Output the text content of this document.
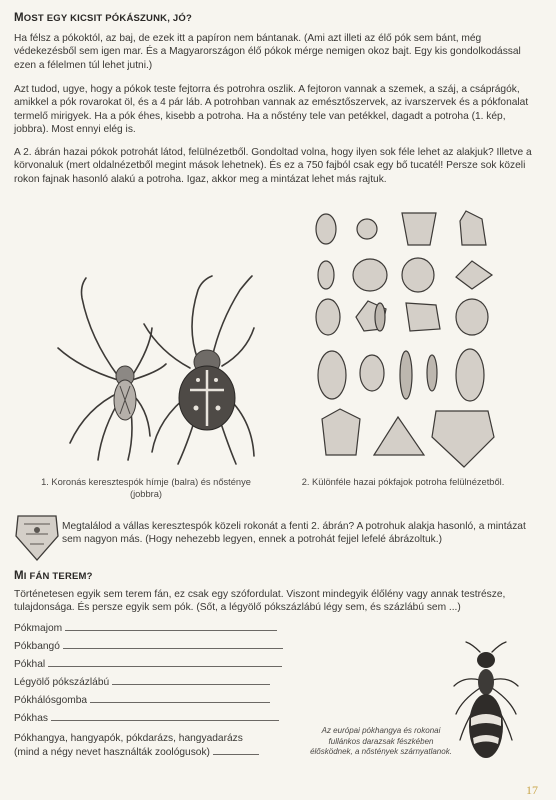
MOST EGY KICSIT PÓKÁSZUNK, JÓ?

Ha félsz a pókoktól, az baj, de ezek itt a papíron nem bántanak. (Ami azt illeti az élő pók sem bánt, még védekezésből sem igen mar. És a Magyarországon élő pókok mérge nemigen okoz bajt. Egy kis gondolkodással ezen a félelmen túl lehet jutni.)

Azt tudod, ugye, hogy a pókok teste fejtorra és potrohra oszlik. A fejtoron vannak a szemek, a száj, a csáprágók, amikkel a pók rovarokat öl, és a 4 pár láb. A potrohban vannak az emésztőszervek, az ivarszervek és a pókfonalat termelő mirigyek. Ha a pók éhes, kisebb a potroha. Ha a nőstény tele van petékkel, dagadt a potroha (1. kép, jobbra). Most ennyi elég is.

A 2. ábrán hazai pókok potrohát látod, felülnézetből. Gondoltad volna, hogy ilyen sok féle lehet az alakjuk? Illetve a körvonaluk (mert oldalnézetből megint mások lehetnek). És ez a 750 fajból csak egy bő tucatél! Persze sok közeli rokon fajnak hasonló alakú a potroha. Igaz, akkor meg a mintázat lehet más rajtuk.

1. Koronás keresztespók hímje (balra) és nősténye (jobbra)
2. Különféle hazai pókfajok potroha felülnézetből.

Megtalálod a vállas keresztespók közeli rokonát a fenti 2. ábrán? A potrohuk alakja hasonló, a mintázat sem nagyon más. (Hogy nehezebb legyen, ennek a potrohát fejjel lefelé ábrázoltuk.)

MI FÁN TEREM?

Történetesen egyik sem terem fán, ez csak egy szófordulat. Viszont mindegyik élőlény vagy annak testrésze, tulajdonsága. És persze egyik sem pók. (Sőt, a légyölő pókszázlábú légy sem, és százlábú sem ...)

Pókmajom
Pókbangó
Pókhal
Légyölő pókszázlábú
Pókhálósgomba
Pókhas
Pókhangya, hangyapók, pókdarázs, hangyadarázs
(mind a négy nevet használták zoológusok)
Az európai pókhangya és rokonai fullánkos darazsak fészkében élősködnek, a nőstények szárnyatlanok.
17
